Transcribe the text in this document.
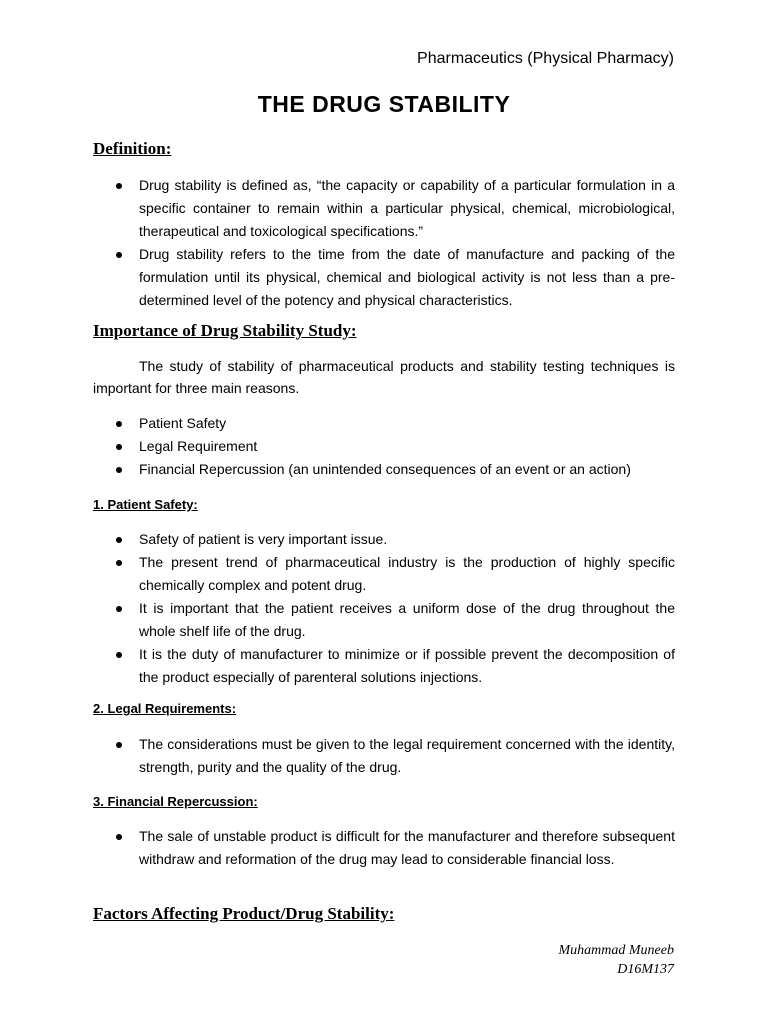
Pharmaceutics (Physical Pharmacy)
THE DRUG STABILITY
Definition:
Drug stability is defined as, “the capacity or capability of a particular formulation in a specific container to remain within a particular physical, chemical, microbiological, therapeutical and toxicological specifications.”
Drug stability refers to the time from the date of manufacture and packing of the formulation until its physical, chemical and biological activity is not less than a pre-determined level of the potency and physical characteristics.
Importance of Drug Stability Study:

The study of stability of pharmaceutical products and stability testing techniques is important for three main reasons.

Patient Safety
Legal Requirement
Financial Repercussion (an unintended consequences of an event or an action)
1. Patient Safety:
Safety of patient is very important issue.
The present trend of pharmaceutical industry is the production of highly specific chemically complex and potent drug.
It is important that the patient receives a uniform dose of the drug throughout the whole shelf life of the drug.
It is the duty of manufacturer to minimize or if possible prevent the decomposition of the product especially of parenteral solutions injections.
2. Legal Requirements:
The considerations must be given to the legal requirement concerned with the identity, strength, purity and the quality of the drug.
3. Financial Repercussion:
The sale of unstable product is difficult for the manufacturer and therefore subsequent withdraw and reformation of the drug may lead to considerable financial loss.
Factors Affecting Product/Drug Stability:
Muhammad Muneeb
D16M137
